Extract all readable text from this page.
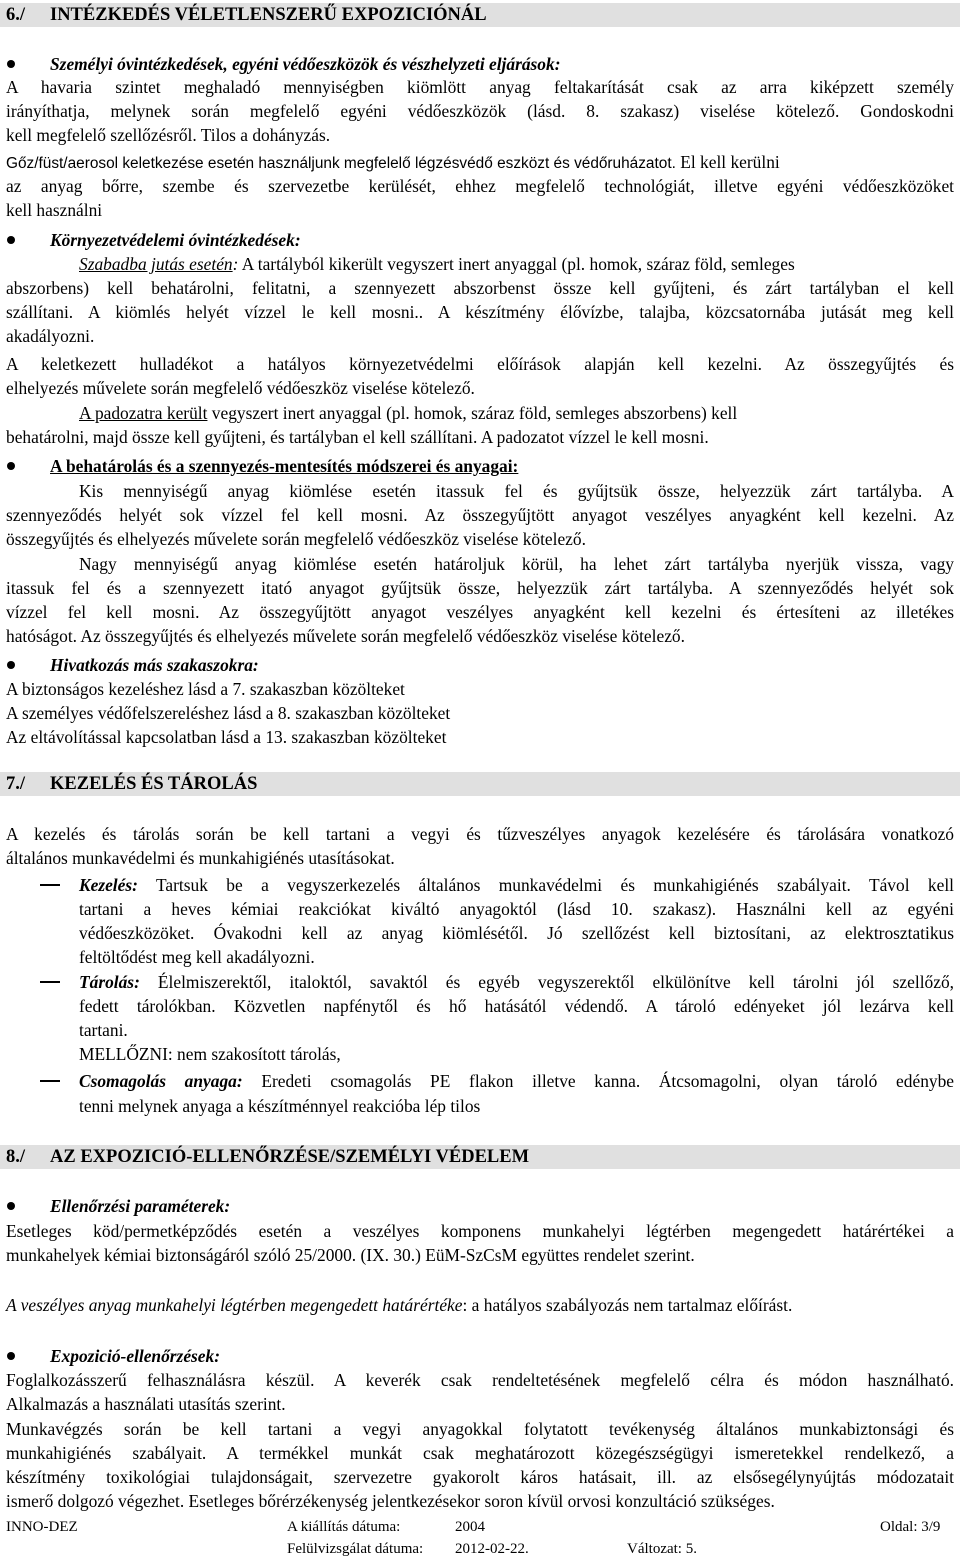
6./ INTÉZKEDÉS VÉLETLENSZERŰ EXPOZICIÓNÁL
Személyi óvintézkedések, egyéni védőeszközök és vészhelyzeti eljárások:
A havaria szintet meghaladó mennyiségben kiömlött anyag feltakarítását csak az arra kiképzett személy
irányíthatja, melynek során megfelelő egyéni védőeszközök (lásd. 8. szakasz) viselése kötelező. Gondoskodni
kell megfelelő szellőzésről. Tilos a dohányzás.
Gőz/füst/aerosol keletkezése esetén használjunk megfelelő légzésvédő eszközt és védőruházatot. El kell kerülni
az anyag bőrre, szembe és szervezetbe kerülését, ehhez megfelelő technológiát, illetve egyéni védőeszközöket
kell használni
Környezetvédelemi óvintézkedések:
Szabadba jutás esetén: A tartályból kikerült vegyszert inert anyaggal (pl. homok, száraz föld, semleges
abszorbens) kell behatárolni, felitatni, a szennyezett abszorbenst össze kell gyűjteni, és zárt tartályban el kell
szállítani. A kiömlés helyét vízzel le kell mosni.. A készítmény élővízbe, talajba, közcsatornába jutását meg kell
akadályozni.
A keletkezett hulladékot a hatályos környezetvédelmi előírások alapján kell kezelni. Az összegyűjtés és
elhelyezés művelete során megfelelő védőeszköz viselése kötelező.
A padozatra került vegyszert inert anyaggal (pl. homok, száraz föld, semleges abszorbens) kell
behatárolni, majd össze kell gyűjteni, és tartályban el kell szállítani. A padozatot vízzel le kell mosni.
A behatárolás és a szennyezés-mentesítés módszerei és anyagai:
Kis mennyiségű anyag kiömlése esetén itassuk fel és gyűjtsük össze, helyezzük zárt tartályba. A
szennyeződés helyét sok vízzel fel kell mosni. Az összegyűjtött anyagot veszélyes anyagként kell kezelni. Az
összegyűjtés és elhelyezés művelete során megfelelő védőeszköz viselése kötelező.
Nagy mennyiségű anyag kiömlése esetén határoljuk körül, ha lehet zárt tartályba nyerjük vissza, vagy
itassuk fel és a szennyezett itató anyagot gyűjtsük össze, helyezzük zárt tartályba. A szennyeződés helyét sok
vízzel fel kell mosni. Az összegyűjtött anyagot veszélyes anyagként kell kezelni és értesíteni az illetékes
hatóságot. Az összegyűjtés és elhelyezés művelete során megfelelő védőeszköz viselése kötelező.
Hivatkozás más szakaszokra:
A biztonságos kezeléshez lásd a 7. szakaszban közölteket
A személyes védőfelszereléshez lásd a 8. szakaszban közölteket
Az eltávolítással kapcsolatban lásd a 13. szakaszban közölteket
7./ KEZELÉS ÉS TÁROLÁS
A kezelés és tárolás során be kell tartani a vegyi és tűzveszélyes anyagok kezelésére és tárolására vonatkozó
általános munkavédelmi és munkahigiénés utasításokat.
Kezelés: Tartsuk be a vegyszerkezelés általános munkavédelmi és munkahigiénés szabályait. Távol kell
tartani a heves kémiai reakciókat kiváltó anyagoktól (lásd 10. szakasz). Használni kell az egyéni
védőeszközöket. Óvakodni kell az anyag kiömlésétől. Jó szellőzést kell biztosítani, az elektrosztatikus
feltöltődést meg kell akadályozni.
Tárolás: Élelmiszerektől, italoktól, savaktól és egyéb vegyszerektől elkülönítve kell tárolni jól szellőző,
fedett tárolókban. Közvetlen napfénytől és hő hatásától védendő. A tároló edényeket jól lezárva kell
tartani.
MELLŐZNI: nem szakosított tárolás,
Csomagolás anyaga: Eredeti csomagolás PE flakon illetve kanna. Átcsomagolni, olyan tároló edénybe
tenni melynek anyaga a készítménnyel reakcióba lép tilos
8./ AZ EXPOZICIÓ-ELLENŐRZÉSE/SZEMÉLYI VÉDELEM
Ellenőrzési paraméterek:
Esetleges köd/permetképződés esetén a veszélyes komponens munkahelyi légtérben megengedett határértékei a
munkahelyek kémiai biztonságáról szóló 25/2000. (IX. 30.) EüM-SzCsM együttes rendelet szerint.
A veszélyes anyag munkahelyi légtérben megengedett határértéke: a hatályos szabályozás nem tartalmaz előírást.
Expozició-ellenőrzések:
Foglalkozásszerű felhasználásra készül. A keverék csak rendeltetésének megfelelő célra és módon használható.
Alkalmazás a használati utasítás szerint.
Munkavégzés során be kell tartani a vegyi anyagokkal folytatott tevékenység általános munkabiztonsági és
munkahigiénés szabályait. A termékkel munkát csak meghatározott közegészségügyi ismeretekkel rendelkező, a
készítmény toxikológiai tulajdonságait, szervezetre gyakorolt káros hatásait, ill. az elsősegélynyújtás módozatait
ismerő dolgozó végezhet. Esetleges bőrérzékenység jelentkezésekor soron kívül orvosi konzultáció szükséges.
INNO-DEZ	A kiállítás dátuma:	2004	Oldal: 3/9
Felülvizsgálat dátuma: 2012-02-22.	Változat: 5.
